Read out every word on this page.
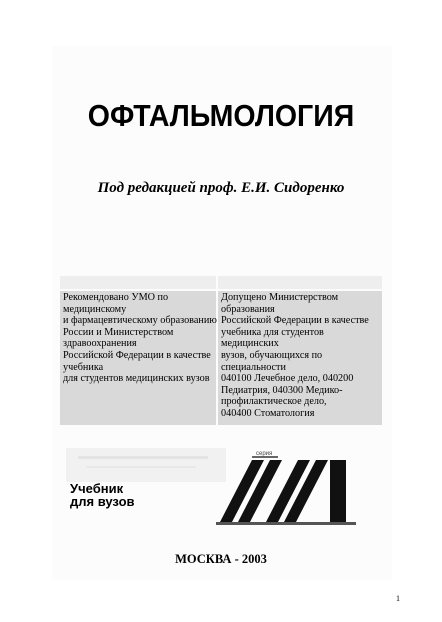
ОФТАЛЬМОЛОГИЯ
Под редакцией проф. Е.И. Сидоренко
Рекомендовано УМО по
медицинскому
и фармацевтическому образованию
России и Министерством
здравоохранения
Российской Федерации в качестве
учебника
для студентов медицинских вузов
Допущено Министерством
образования
Российской Федерации в качестве
учебника для студентов
медицинских
вузов, обучающихся по
специальности
040100 Лечебное дело, 040200
Педиатрия, 040300 Медико-
профилактическое дело,
040400 Стоматология
серия
Учебник
для вузов
МОСКВА - 2003
1
